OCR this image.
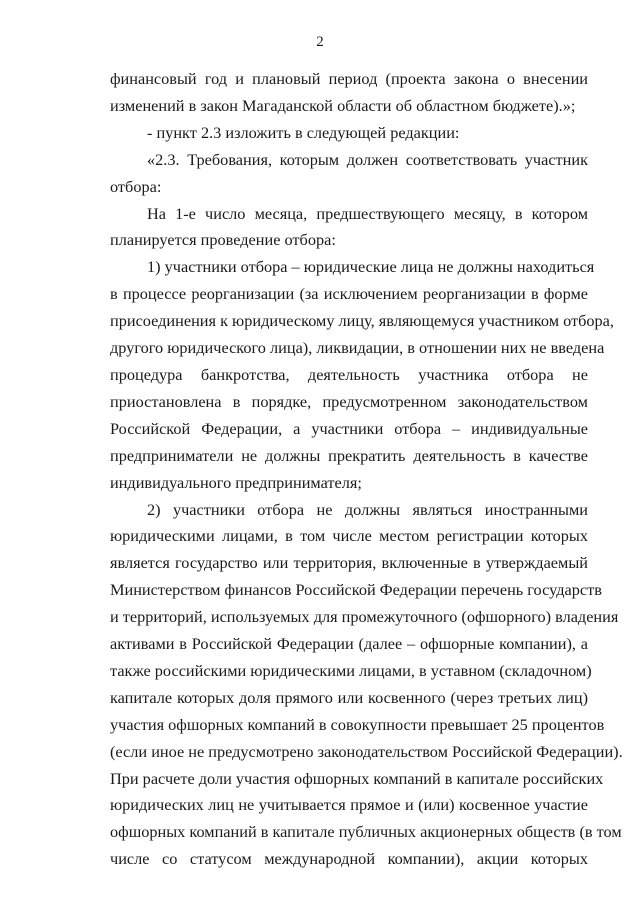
2
финансовый год и плановый период (проекта закона о внесении
изменений в закон Магаданской области об областном бюджете).»;
- пункт 2.3 изложить в следующей редакции:
«2.3. Требования, которым должен соответствовать участник
отбора:
На 1-е число месяца, предшествующего месяцу, в котором
планируется проведение отбора:
1) участники отбора – юридические лица не должны находиться
в процессе реорганизации (за исключением реорганизации в форме
присоединения к юридическому лицу, являющемуся участником отбора,
другого юридического лица), ликвидации, в отношении них не введена
процедура банкротства, деятельность участника отбора не
приостановлена в порядке, предусмотренном законодательством
Российской Федерации, а участники отбора – индивидуальные
предприниматели не должны прекратить деятельность в качестве
индивидуального предпринимателя;
2) участники отбора не должны являться иностранными
юридическими лицами, в том числе местом регистрации которых
является государство или территория, включенные в утверждаемый
Министерством финансов Российской Федерации перечень государств
и территорий, используемых для промежуточного (офшорного) владения
активами в Российской Федерации (далее – офшорные компании), а
также российскими юридическими лицами, в уставном (складочном)
капитале которых доля прямого или косвенного (через третьих лиц)
участия офшорных компаний в совокупности превышает 25 процентов
(если иное не предусмотрено законодательством Российской Федерации).
При расчете доли участия офшорных компаний в капитале российских
юридических лиц не учитывается прямое и (или) косвенное участие
офшорных компаний в капитале публичных акционерных обществ (в том
числе со статусом международной компании), акции которых
